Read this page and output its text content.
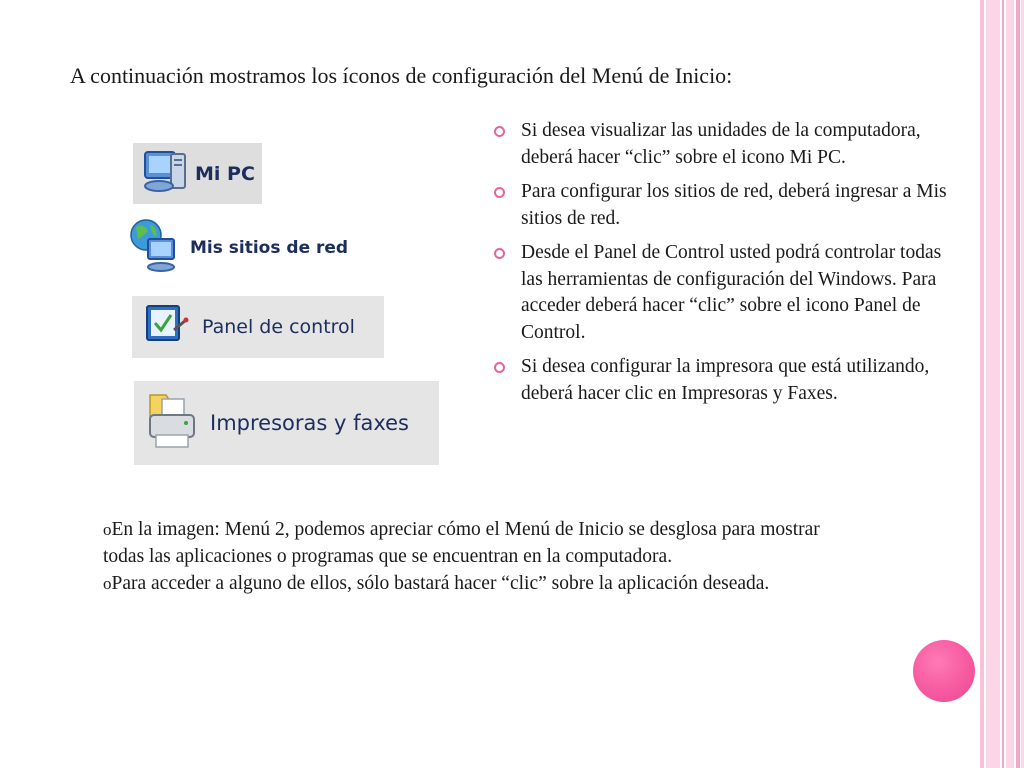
A continuación mostramos los íconos de configuración del Menú de Inicio:
Mi PC
Mis sitios de red
Panel de control
Impresoras y faxes
Si desea visualizar las unidades de la computadora, deberá hacer “clic” sobre el icono Mi PC.
Para configurar los sitios de red, deberá ingresar a Mis sitios de red.
Desde el Panel de Control usted podrá controlar todas las herramientas de configuración del Windows. Para acceder deberá hacer “clic” sobre el icono Panel de Control.
Si desea configurar la impresora que está utilizando, deberá hacer clic en Impresoras y Faxes.

oEn la imagen: Menú 2, podemos apreciar cómo el Menú de Inicio se desglosa para mostrar todas las aplicaciones o programas que se encuentran en la computadora.

oPara acceder a alguno de ellos, sólo bastará hacer “clic” sobre la aplicación deseada.
